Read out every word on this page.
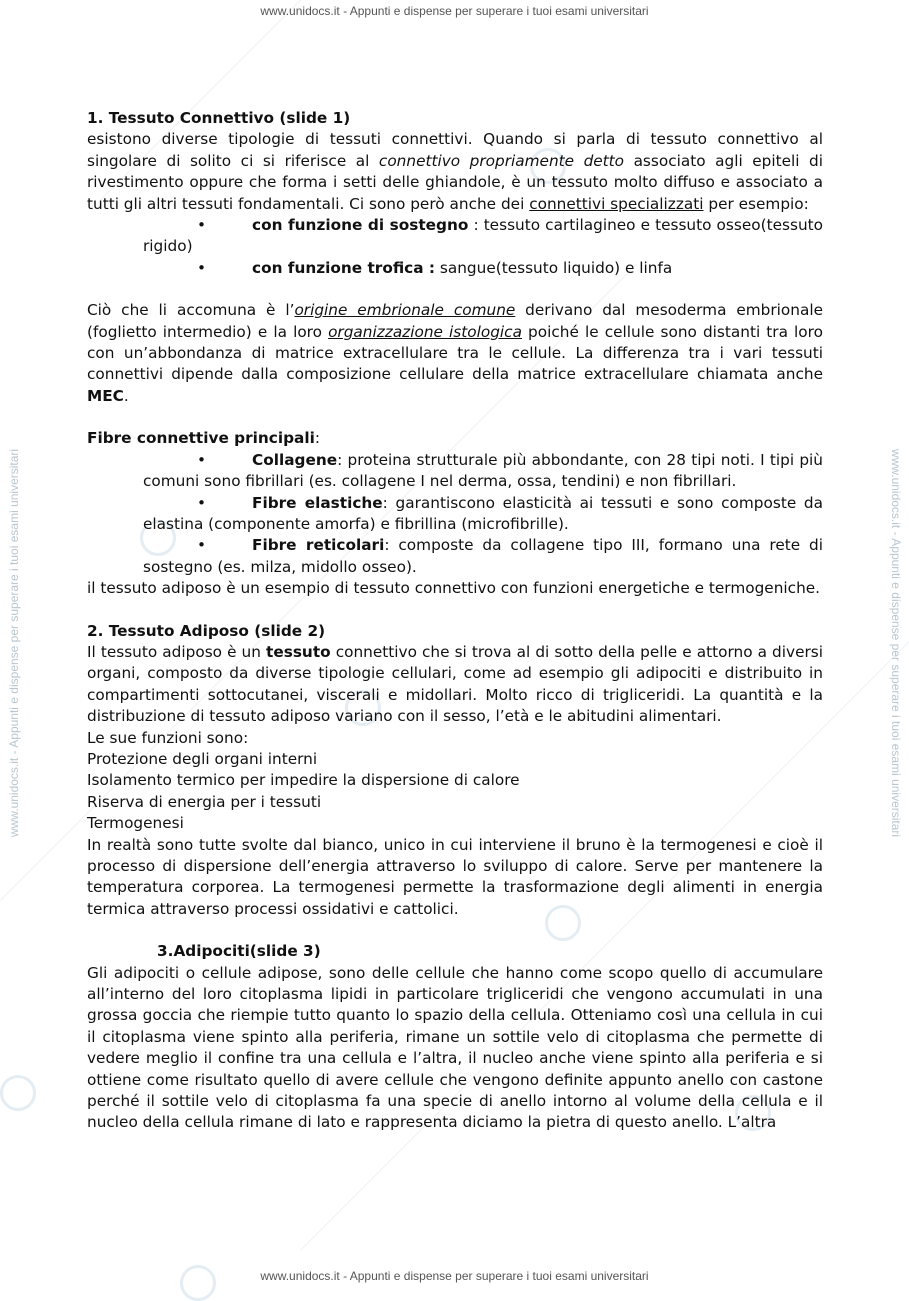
www.unidocs.it - Appunti e dispense per superare i tuoi esami universitari
www.unidocs.it - Appunti e dispense per superare i tuoi esami universitari
www.unidocs.it - Appunti e dispense per superare i tuoi esami universitari	www.unidocs.it - Appunti e dispense per superare i tuoi esami universitari

1. Tessuto Connettivo (slide 1)

esistono diverse tipologie di tessuti connettivi. Quando si parla di tessuto connettivo al singolare di solito ci si riferisce al connettivo propriamente detto associato agli epiteli di rivestimento oppure che forma i setti delle ghiandole, è un tessuto molto diffuso e associato a tutti gli altri tessuti fondamentali. Ci sono però anche dei connettivi specializzati per esempio:

•	con funzione di sostegno : tessuto cartilagineo e tessuto osseo(tessuto rigido)

•	con funzione trofica : sangue(tessuto liquido) e linfa

Ciò che li accomuna è l’origine embrionale comune derivano dal mesoderma embrionale (foglietto intermedio) e la loro organizzazione istologica poiché le cellule sono distanti tra loro con un’abbondanza di matrice extracellulare tra le cellule. La differenza tra i vari tessuti connettivi dipende dalla composizione cellulare della matrice extracellulare chiamata anche MEC.

Fibre connettive principali:

•	Collagene: proteina strutturale più abbondante, con 28 tipi noti. I tipi più comuni sono fibrillari (es. collagene I nel derma, ossa, tendini) e non fibrillari.

•	Fibre elastiche: garantiscono elasticità ai tessuti e sono composte da elastina (componente amorfa) e fibrillina (microfibrille).

•	Fibre reticolari: composte da collagene tipo III, formano una rete di sostegno (es. milza, midollo osseo).

il tessuto adiposo è un esempio di tessuto connettivo con funzioni energetiche e termogeniche.

2. Tessuto Adiposo (slide 2)

Il tessuto adiposo è un tessuto connettivo che si trova al di sotto della pelle e attorno a diversi organi, composto da diverse tipologie cellulari, come ad esempio gli adipociti e distribuito in compartimenti sottocutanei, viscerali e midollari. Molto ricco di trigliceridi. La quantità e la distribuzione di tessuto adiposo variano con il sesso, l’età e le abitudini alimentari.

Le sue funzioni sono:

Protezione degli organi interni

Isolamento termico per impedire la dispersione di calore

Riserva di energia per i tessuti

Termogenesi

In realtà sono tutte svolte dal bianco, unico in cui interviene il bruno è la termogenesi e cioè il processo di dispersione dell’energia attraverso lo sviluppo di calore. Serve per mantenere la temperatura corporea. La termogenesi permette la trasformazione degli alimenti in energia termica attraverso processi ossidativi e cattolici.

3.Adipociti(slide 3)

Gli adipociti o cellule adipose, sono delle cellule che hanno come scopo quello di accumulare all’interno del loro citoplasma lipidi in particolare trigliceridi che vengono accumulati in una grossa goccia che riempie tutto quanto lo spazio della cellula. Otteniamo così una cellula in cui il citoplasma viene spinto alla periferia, rimane un sottile velo di citoplasma che permette di vedere meglio il confine tra una cellula e l’altra, il nucleo anche viene spinto alla periferia e si ottiene come risultato quello di avere cellule che vengono definite appunto anello con castone perché il sottile velo di citoplasma fa una specie di anello intorno al volume della cellula e il nucleo della cellula rimane di lato e rappresenta diciamo la pietra di questo anello. L’altra
